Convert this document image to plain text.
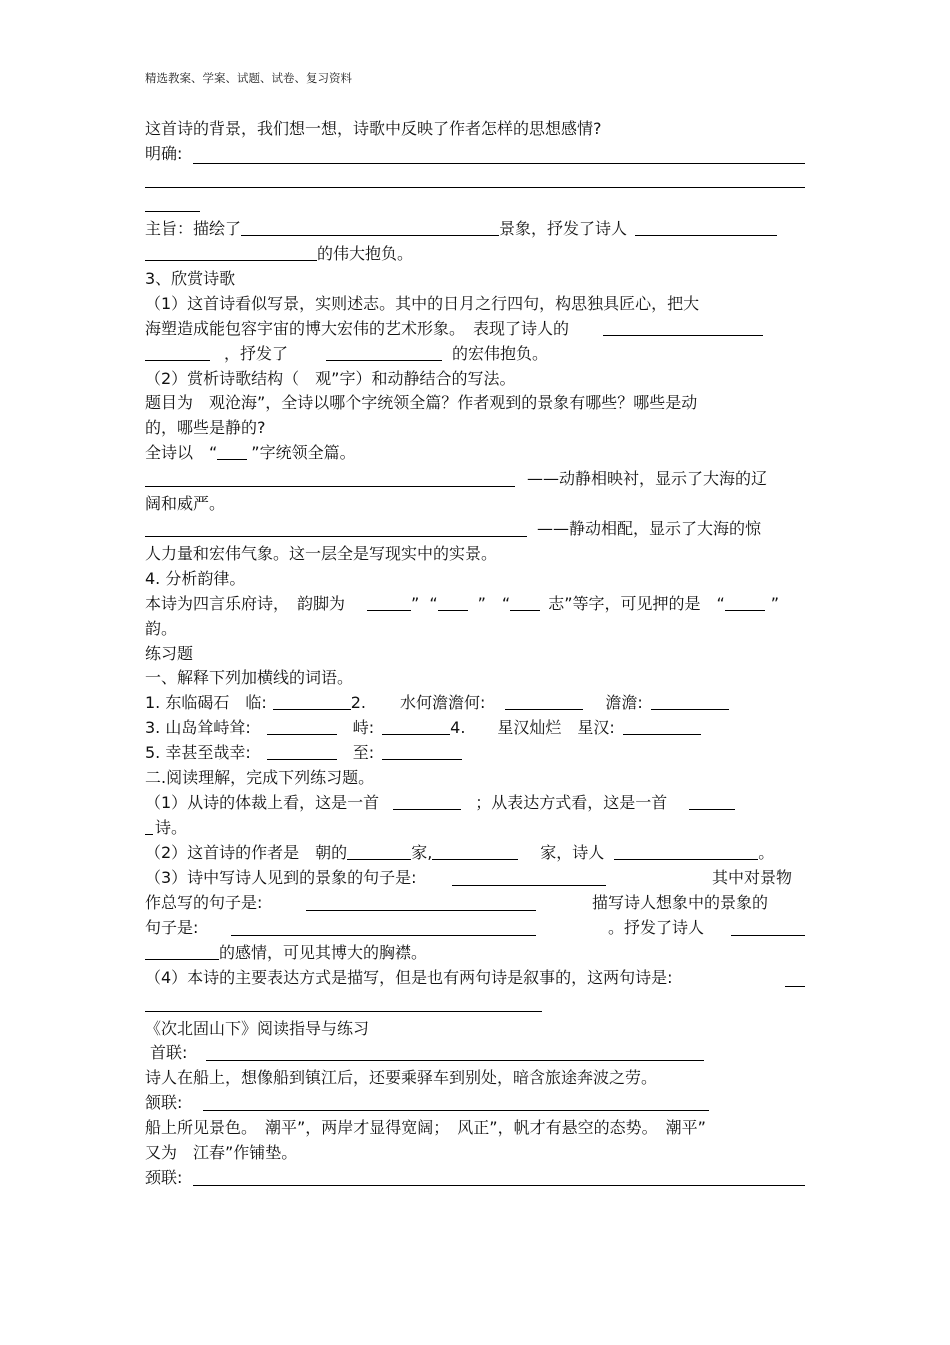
精选教案、学案、试题、试卷、复习资料
这首诗的背景，我们想一想，诗歌中反映了作者怎样的思想感情?
明确:
主旨：描绘了	景象，抒发了诗人
的伟大抱负。
3、欣赏诗歌
（1）这首诗看似写景，实则述志。其中的日月之行四句，构思独具匠心，把大
海塑造成能包容宇宙的博大宏伟的艺术形象。　表现了诗人的
，抒发了	的宏伟抱负。
（2）赏析诗歌结构（　观”字）和动静结合的写法。
题目为　观沧海”，全诗以哪个字统领全篇？作者观到的景象有哪些？哪些是动
的，哪些是静的?
全诗以　“ ”字统领全篇。
——动静相映衬，显示了大海的辽
阔和威严。
——静动相配，显示了大海的惊
人力量和宏伟气象。这一层全是写现实中的实景。
4. 分析韵律。
本诗为四言乐府诗，　韵脚为	” “	”　“ 志”等字，可见押的是　“	”
韵。
练习题
一、解释下列加横线的词语。
1. 东临碣石　临:	2. 水何澹澹何:	澹澹:
3. 山岛耸峙耸:	峙:	4. 星汉灿烂　星汉:
5. 幸甚至哉幸:	至:
二.阅读理解，完成下列练习题。
（1）从诗的体裁上看，这是一首	；从表达方式看，这是一首
诗。
（2）这首诗的作者是　朝的	家,	家，诗人	。
（3）诗中写诗人见到的景象的句子是:	其中对景物
作总写的句子是:	描写诗人想象中的景象的
句子是:	。抒发了诗人
的感情，可见其博大的胸襟。
（4）本诗的主要表达方式是描写，但是也有两句诗是叙事的，这两句诗是:
《次北固山下》阅读指导与练习
首联:
诗人在船上，想像船到镇江后，还要乘驿车到别处，暗含旅途奔波之劳。
颔联:
船上所见景色。　潮平”，两岸才显得宽阔；　风正”，帆才有悬空的态势。　潮平”
又为　江春”作铺垫。
颈联:
